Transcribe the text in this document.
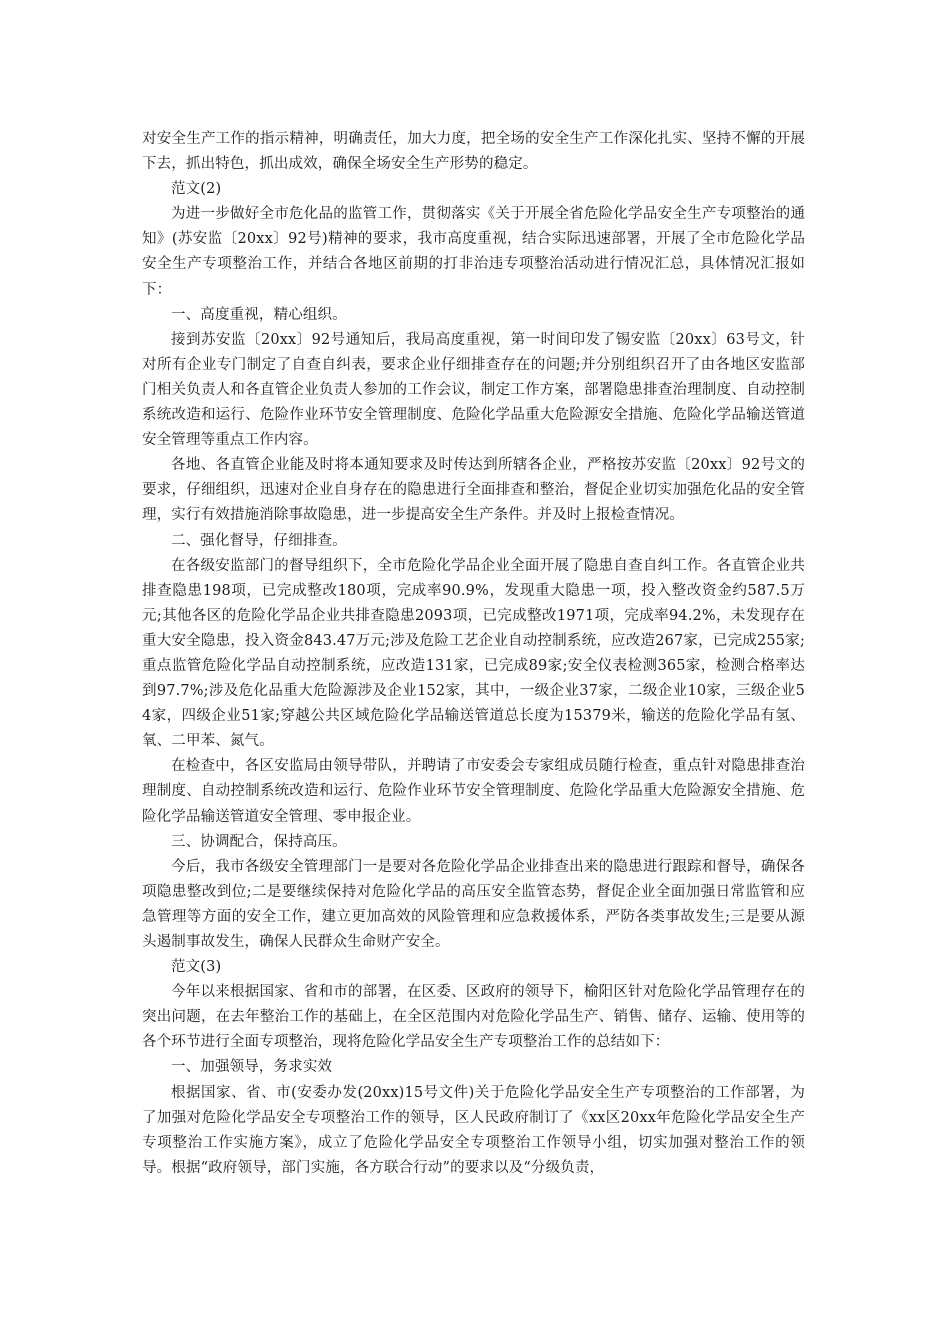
对安全生产工作的指示精神，明确责任，加大力度，把全场的安全生产工作深化扎实、坚持不懈的开展下去，抓出特色，抓出成效，确保全场安全生产形势的稳定。

范文(2)

为进一步做好全市危化品的监管工作，贯彻落实《关于开展全省危险化学品安全生产专项整治的通知》(苏安监〔20xx〕92号)精神的要求，我市高度重视，结合实际迅速部署，开展了全市危险化学品安全生产专项整治工作，并结合各地区前期的打非治违专项整治活动进行情况汇总，具体情况汇报如下：

一、高度重视，精心组织。

接到苏安监〔20xx〕92号通知后，我局高度重视，第一时间印发了锡安监〔20xx〕63号文，针对所有企业专门制定了自查自纠表，要求企业仔细排查存在的问题;并分别组织召开了由各地区安监部门相关负责人和各直管企业负责人参加的工作会议，制定工作方案，部署隐患排查治理制度、自动控制系统改造和运行、危险作业环节安全管理制度、危险化学品重大危险源安全措施、危险化学品输送管道安全管理等重点工作内容。

各地、各直管企业能及时将本通知要求及时传达到所辖各企业，严格按苏安监〔20xx〕92号文的要求，仔细组织，迅速对企业自身存在的隐患进行全面排查和整治，督促企业切实加强危化品的安全管理，实行有效措施消除事故隐患，进一步提高安全生产条件。并及时上报检查情况。

二、强化督导，仔细排查。

在各级安监部门的督导组织下，全市危险化学品企业全面开展了隐患自查自纠工作。各直管企业共排查隐患198项，已完成整改180项，完成率90.9%，发现重大隐患一项，投入整改资金约587.5万元;其他各区的危险化学品企业共排查隐患2093项，已完成整改1971项，完成率94.2%，未发现存在重大安全隐患，投入资金843.47万元;涉及危险工艺企业自动控制系统，应改造267家，已完成255家;重点监管危险化学品自动控制系统，应改造131家，已完成89家;安全仪表检测365家，检测合格率达到97.7%;涉及危化品重大危险源涉及企业152家，其中，一级企业37家，二级企业10家，三级企业54家，四级企业51家;穿越公共区域危险化学品输送管道总长度为15379米，输送的危险化学品有氢、氧、二甲苯、氮气。

在检查中，各区安监局由领导带队，并聘请了市安委会专家组成员随行检查，重点针对隐患排查治理制度、自动控制系统改造和运行、危险作业环节安全管理制度、危险化学品重大危险源安全措施、危险化学品输送管道安全管理、零申报企业。

三、协调配合，保持高压。

今后，我市各级安全管理部门一是要对各危险化学品企业排查出来的隐患进行跟踪和督导，确保各项隐患整改到位;二是要继续保持对危险化学品的高压安全监管态势，督促企业全面加强日常监管和应急管理等方面的安全工作，建立更加高效的风险管理和应急救援体系，严防各类事故发生;三是要从源头遏制事故发生，确保人民群众生命财产安全。

范文(3)

今年以来根据国家、省和市的部署，在区委、区政府的领导下，榆阳区针对危险化学品管理存在的突出问题，在去年整治工作的基础上，在全区范围内对危险化学品生产、销售、储存、运输、使用等的各个环节进行全面专项整治，现将危险化学品安全生产专项整治工作的总结如下：

一、加强领导，务求实效

根据国家、省、市(安委办发(20xx)15号文件)关于危险化学品安全生产专项整治的工作部署，为了加强对危险化学品安全专项整治工作的领导，区人民政府制订了《xx区20xx年危险化学品安全生产专项整治工作实施方案》，成立了危险化学品安全专项整治工作领导小组，切实加强对整治工作的领导。根据“政府领导，部门实施，各方联合行动”的要求以及“分级负责，
